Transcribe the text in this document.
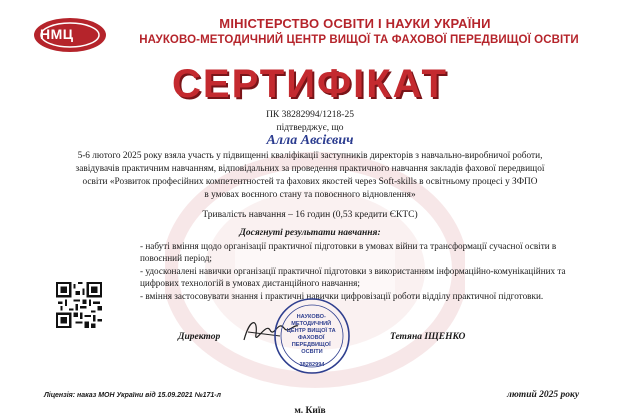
НМЦ
МІНІСТЕРСТВО ОСВІТИ І НАУКИ УКРАЇНИ
НАУКОВО-МЕТОДИЧНИЙ ЦЕНТР ВИЩОЇ ТА ФАХОВОЇ ПЕРЕДВИЩОЇ ОСВІТИ
СЕРТИФІКАТ
ПК 38282994/1218-25
підтверджує, що
Алла Авсієвич

5-6 лютого 2025 року взяла участь у підвищенні кваліфікації заступників директорів з навчально-виробничої роботи,

завідувачів практичним навчанням, відповідальних за проведення практичного навчання закладів фахової передвищої

освіти «Розвиток професійних компетентностей та фахових якостей через Soft-skills в освітньому процесі у ЗФПО

в умовах воєнного стану та повоєнного відновлення»

Тривалість навчання – 16 годин (0,53 кредити ЄКТС)
Досягнуті результати навчання:
- набуті вміння щодо організації практичної підготовки в умовах війни та трансформації сучасної освіти в повоєнний період;
- удосконалені навички організації практичної підготовки з використанням інформаційно-комунікаційних та цифрових технологій в умовах дистанційного навчання;
- вміння застосовувати знання і практичні навички цифровізації роботи відділу практичної підготовки.
Директор
НАУКОВО- МЕТОДИЧНИЙ ЦЕНТР ВИЩОЇ ТА ФАХОВОЇ ПЕРЕДВИЩОЇ ОСВІТИ
38282994
Тетяна ІЩЕНКО
Ліцензія: наказ МОН України від 15.09.2021 №171-л	лютий 2025 року
м. Київ
